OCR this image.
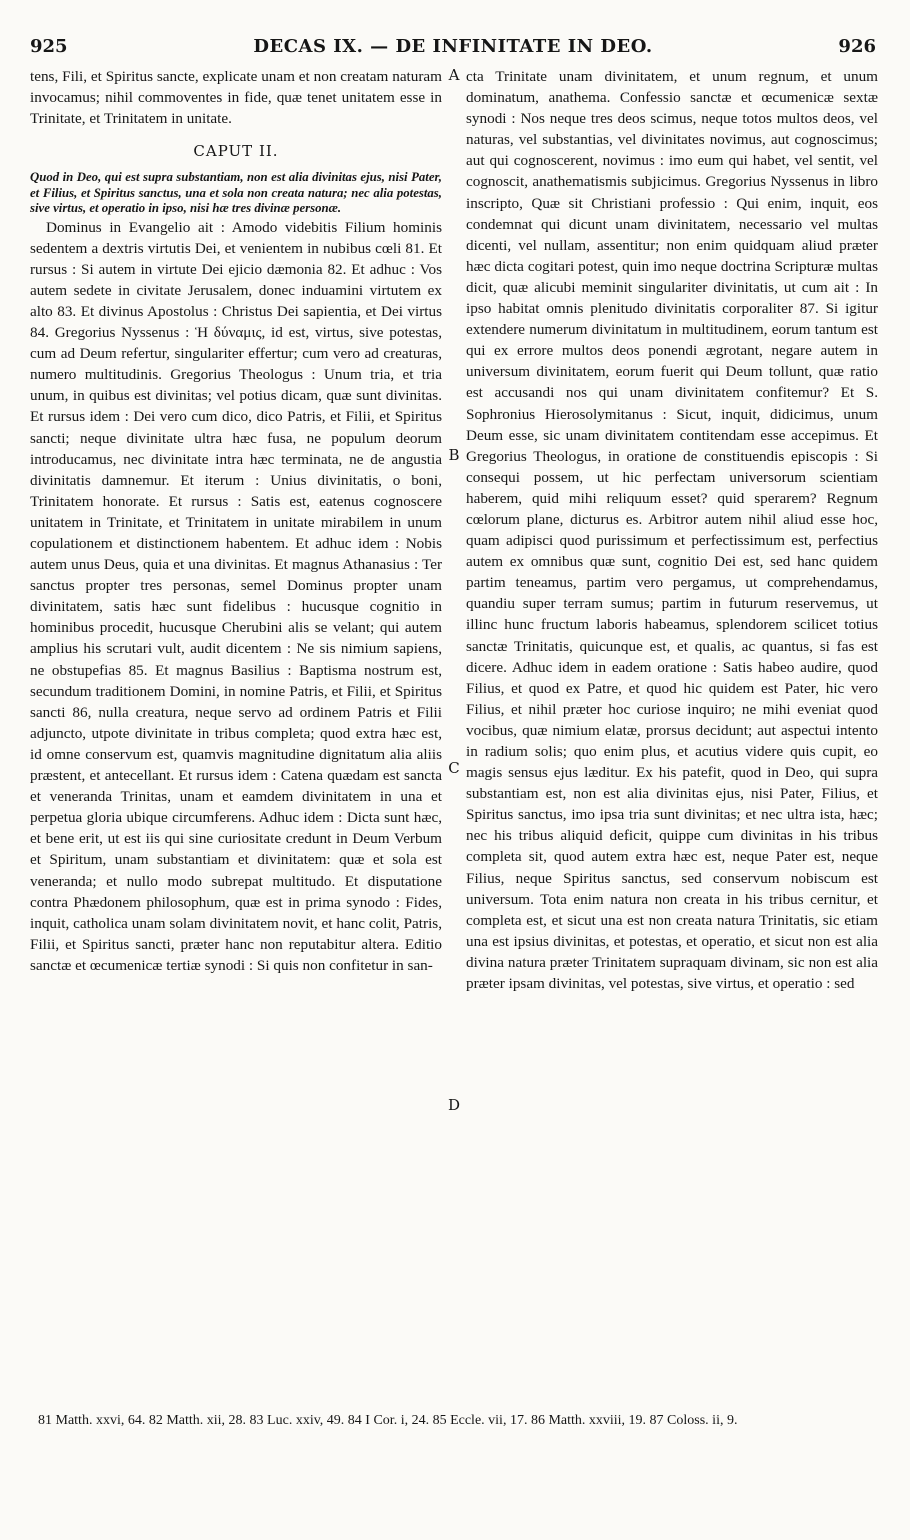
925	DECAS IX. — DE INFINITATE IN DEO.	926

tens, Fili, et Spiritus sancte, explicate unam et non creatam naturam invocamus; nihil commoventes in fide, quæ tenet unitatem esse in Trinitate, et Trinitatem in unitate.

CAPUT II.

Quod in Deo, qui est supra substantiam, non est alia divinitas ejus, nisi Pater, et Filius, et Spiritus sanctus, una et sola non creata natura; nec alia potestas, sive virtus, et operatio in ipso, nisi hæ tres divinæ personæ.

Dominus in Evangelio ait : Amodo videbitis Filium hominis sedentem a dextris virtutis Dei, et venientem in nubibus cœli 81. Et rursus : Si autem in virtute Dei ejicio dæmonia 82. Et adhuc : Vos autem sedete in civitate Jerusalem, donec induamini virtutem ex alto 83. Et divinus Apostolus : Christus Dei sapientia, et Dei virtus 84. Gregorius Nyssenus : Ἡ δύναμις, id est, virtus, sive potestas, cum ad Deum refertur, singulariter effertur; cum vero ad creaturas, numero multitudinis. Gregorius Theologus : Unum tria, et tria unum, in quibus est divinitas; vel potius dicam, quæ sunt divinitas. Et rursus idem : Dei vero cum dico, dico Patris, et Filii, et Spiritus sancti; neque divinitate ultra hæc fusa, ne populum deorum introducamus, nec divinitate intra hæc terminata, ne de angustia divinitatis damnemur. Et iterum : Unius divinitatis, o boni, Trinitatem honorate. Et rursus : Satis est, eatenus cognoscere unitatem in Trinitate, et Trinitatem in unitate mirabilem in unum copulationem et distinctionem habentem. Et adhuc idem : Nobis autem unus Deus, quia et una divinitas. Et magnus Athanasius : Ter sanctus propter tres personas, semel Dominus propter unam divinitatem, satis hæc sunt fidelibus : hucusque cognitio in hominibus procedit, hucusque Cherubini alis se velant; qui autem amplius his scrutari vult, audit dicentem : Ne sis nimium sapiens, ne obstupefias 85. Et magnus Basilius : Baptisma nostrum est, secundum traditionem Domini, in nomine Patris, et Filii, et Spiritus sancti 86, nulla creatura, neque servo ad ordinem Patris et Filii adjuncto, utpote divinitate in tribus completa; quod extra hæc est, id omne conservum est, quamvis magnitudine dignitatum alia aliis præstent, et antecellant. Et rursus idem : Catena quædam est sancta et veneranda Trinitas, unam et eamdem divinitatem in una et perpetua gloria ubique circumferens. Adhuc idem : Dicta sunt hæc, et bene erit, ut est iis qui sine curiositate credunt in Deum Verbum et Spiritum, unam substantiam et divinitatem: quæ et sola est veneranda; et nullo modo subrepat multitudo. Et disputatione contra Phædonem philosophum, quæ est in prima synodo : Fides, inquit, catholica unam solam divinitatem novit, et hanc colit, Patris, Filii, et Spiritus sancti, præter hanc non reputabitur altera. Editio sanctæ et œcumenicæ tertiæ synodi : Si quis non confitetur in san-

cta Trinitate unam divinitatem, et unum regnum, et unum dominatum, anathema. Confessio sanctæ et œcumenicæ sextæ synodi : Nos neque tres deos scimus, neque totos multos deos, vel naturas, vel substantias, vel divinitates novimus, aut cognoscimus; aut qui cognoscerent, novimus : imo eum qui habet, vel sentit, vel cognoscit, anathematismis subjicimus. Gregorius Nyssenus in libro inscripto, Quæ sit Christiani professio : Qui enim, inquit, eos condemnat qui dicunt unam divinitatem, necessario vel multas dicenti, vel nullam, assentitur; non enim quidquam aliud præter hæc dicta cogitari potest, quin imo neque doctrina Scripturæ multas dicit, quæ alicubi meminit singulariter divinitatis, ut cum ait : In ipso habitat omnis plenitudo divinitatis corporaliter 87. Si igitur extendere numerum divinitatum in multitudinem, eorum tantum est qui ex errore multos deos ponendi ægrotant, negare autem in universum divinitatem, eorum fuerit qui Deum tollunt, quæ ratio est accusandi nos qui unam divinitatem confitemur? Et S. Sophronius Hierosolymitanus : Sicut, inquit, didicimus, unum Deum esse, sic unam divinitatem contitendam esse accepimus. Et Gregorius Theologus, in oratione de constituendis episcopis : Si consequi possem, ut hic perfectam universorum scientiam haberem, quid mihi reliquum esset? quid sperarem? Regnum cœlorum plane, dicturus es. Arbitror autem nihil aliud esse hoc, quam adipisci quod purissimum et perfectissimum est, perfectius autem ex omnibus quæ sunt, cognitio Dei est, sed hanc quidem partim teneamus, partim vero pergamus, ut comprehendamus, quandiu super terram sumus; partim in futurum reservemus, ut illinc hunc fructum laboris habeamus, splendorem scilicet totius sanctæ Trinitatis, quicunque est, et qualis, ac quantus, si fas est dicere. Adhuc idem in eadem oratione : Satis habeo audire, quod Filius, et quod ex Patre, et quod hic quidem est Pater, hic vero Filius, et nihil præter hoc curiose inquiro; ne mihi eveniat quod vocibus, quæ nimium elatæ, prorsus decidunt; aut aspectui intento in radium solis; quo enim plus, et acutius videre quis cupit, eo magis sensus ejus læditur. Ex his patefit, quod in Deo, qui supra substantiam est, non est alia divinitas ejus, nisi Pater, Filius, et Spiritus sanctus, imo ipsa tria sunt divinitas; et nec ultra ista, hæc; nec his tribus aliquid deficit, quippe cum divinitas in his tribus completa sit, quod autem extra hæc est, neque Pater est, neque Filius, neque Spiritus sanctus, sed conservum nobiscum est universum. Tota enim natura non creata in his tribus cernitur, et completa est, et sicut una est non creata natura Trinitatis, sic etiam una est ipsius divinitas, et potestas, et operatio, et sicut non est alia divina natura præter Trinitatem supraquam divinam, sic non est alia præter ipsam divinitas, vel potestas, sive virtus, et operatio : sed

A
B
C
D
81 Matth. xxvi, 64. 82 Matth. xii, 28. 83 Luc. xxiv, 49. 84 I Cor. i, 24. 85 Eccle. vii, 17. 86 Matth. xxviii, 19. 87 Coloss. ii, 9.
